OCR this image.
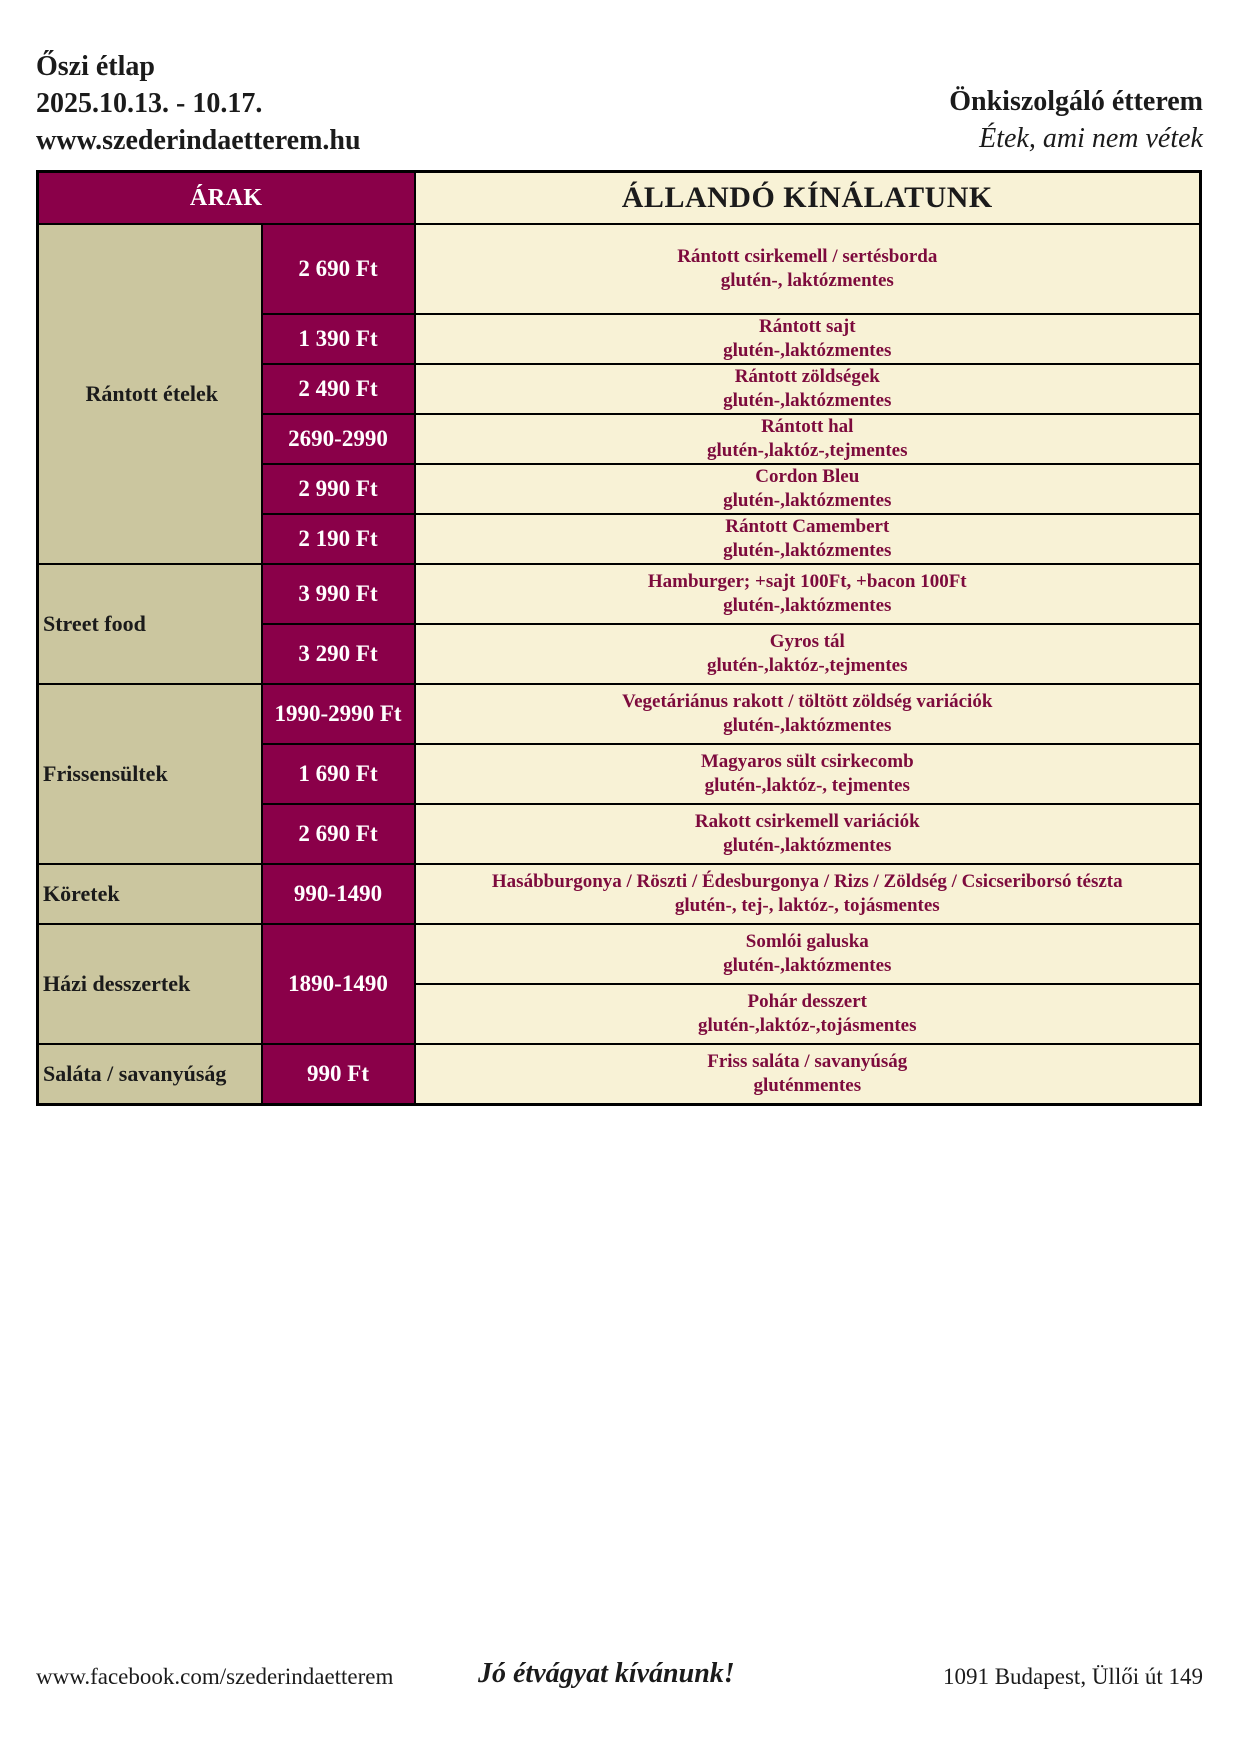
Őszi étlap
2025.10.13. - 10.17.
www.szederindaetterem.hu
Önkiszolgáló étterem
Étek, ami nem vétek
ÁRAK		ÁLLANDÓ KÍNÁLATUNK
Rántott ételek	2 690 Ft	Rántott csirkemell / sertésborda
glutén-, laktózmentes

	1 390 Ft	Rántott sajt
glutén-,laktózmentes

	2 490 Ft	Rántott zöldségek
glutén-,laktózmentes

	2690-2990	Rántott hal
glutén-,laktóz-,tejmentes

	2 990 Ft	Cordon Bleu
glutén-,laktózmentes

	2 190 Ft	Rántott Camembert
glutén-,laktózmentes

Street food	3 990 Ft	Hamburger; +sajt 100Ft, +bacon 100Ft
glutén-,laktózmentes

	3 290 Ft	Gyros tál
glutén-,laktóz-,tejmentes

Frissensültek	1990-2990 Ft	Vegetáriánus rakott / töltött zöldség variációk
glutén-,laktózmentes

	1 690 Ft	Magyaros sült csirkecomb
glutén-,laktóz-, tejmentes

	2 690 Ft	Rakott csirkemell variációk
glutén-,laktózmentes

Köretek	990-1490	Hasábburgonya / Röszti / Édesburgonya / Rizs / Zöldség / Csicseriborsó tészta
glutén-, tej-, laktóz-, tojásmentes

Házi desszertek	1890-1490	Somlói galuska
glutén-,laktózmentes

		Pohár desszert
glutén-,laktóz-,tojásmentes

Saláta / savanyúság	990 Ft	Friss saláta / savanyúság
gluténmentes
www.facebook.com/szederindaetterem	Jó étvágyat kívánunk!	1091 Budapest, Üllői út 149
